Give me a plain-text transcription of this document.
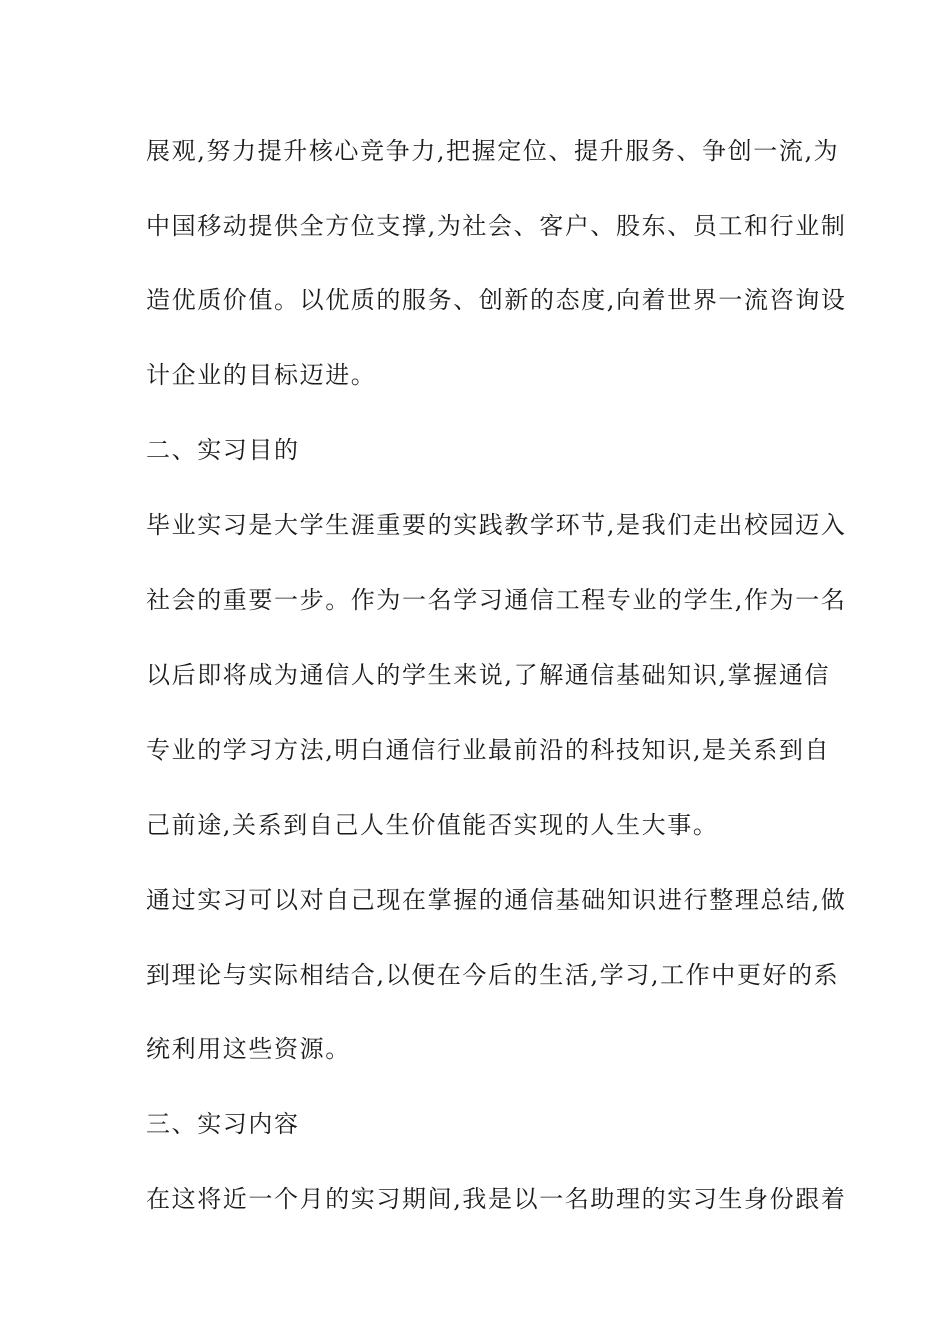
展观,努力提升核心竞争力,把握定位、提升服务、争创一流,为
中国移动提供全方位支撑,为社会、客户、股东、员工和行业制
造优质价值。以优质的服务、创新的态度,向着世界一流咨询设
计企业的目标迈进。
二、实习目的
毕业实习是大学生涯重要的实践教学环节,是我们走出校园迈入
社会的重要一步。作为一名学习通信工程专业的学生,作为一名
以后即将成为通信人的学生来说,了解通信基础知识,掌握通信
专业的学习方法,明白通信行业最前沿的科技知识,是关系到自
己前途,关系到自己人生价值能否实现的人生大事。
通过实习可以对自己现在掌握的通信基础知识进行整理总结,做
到理论与实际相结合,以便在今后的生活,学习,工作中更好的系
统利用这些资源。
三、实习内容
在这将近一个月的实习期间,我是以一名助理的实习生身份跟着
